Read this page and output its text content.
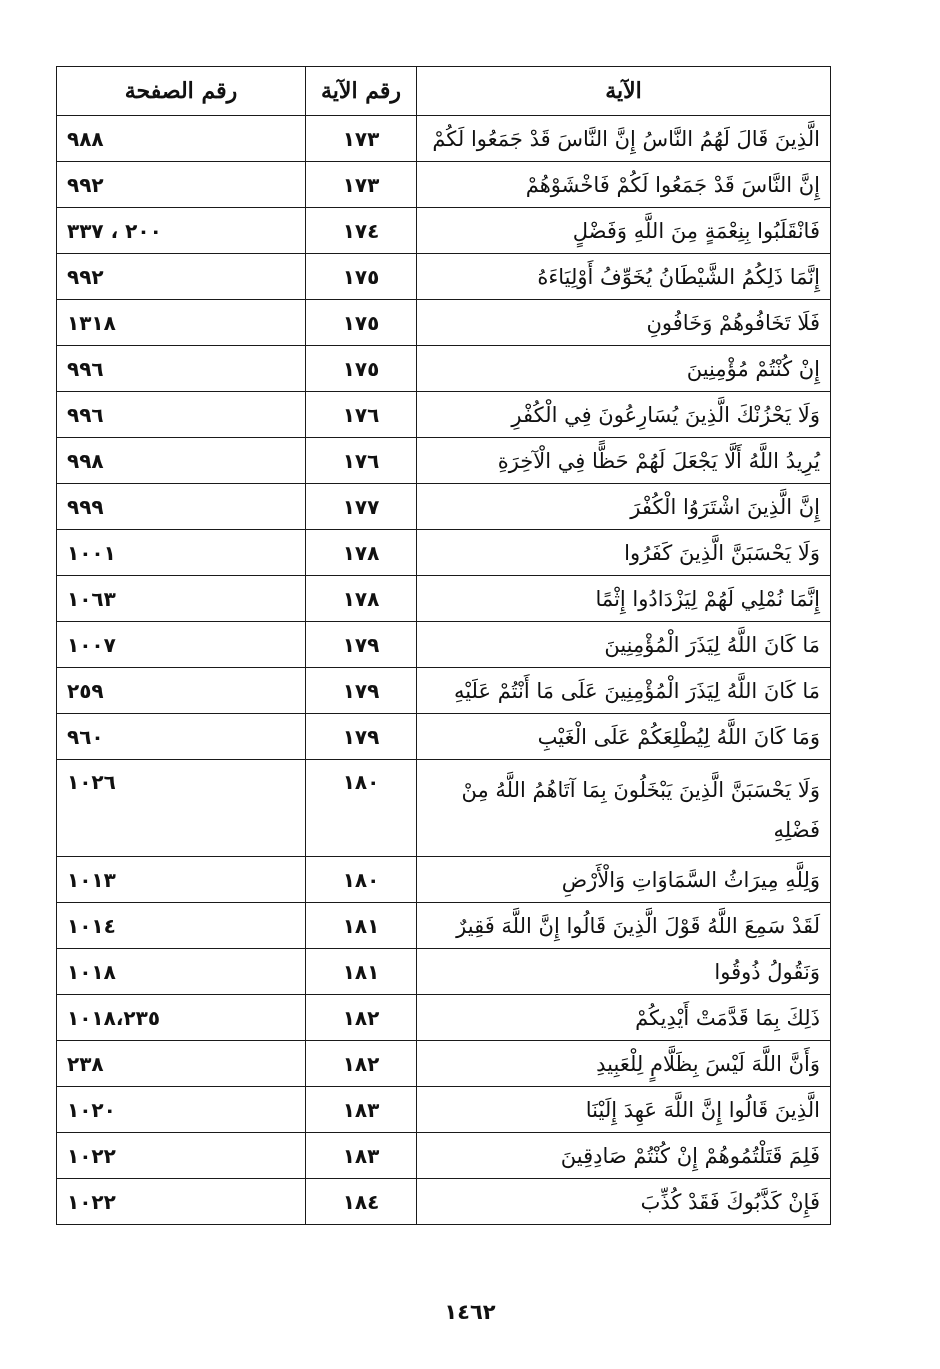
الآية	رقم الآية	رقم الصفحة
الَّذِينَ قَالَ لَهُمُ النَّاسُ إِنَّ النَّاسَ قَدْ جَمَعُوا لَكُمْ	١٧٣	٩٨٨
إِنَّ النَّاسَ قَدْ جَمَعُوا لَكُمْ فَاخْشَوْهُمْ	١٧٣	٩٩٢
فَانْقَلَبُوا بِنِعْمَةٍ مِنَ اللَّهِ وَفَضْلٍ	١٧٤	٢٠٠ ، ٣٣٧
إِنَّمَا ذَلِكُمُ الشَّيْطَانُ يُخَوِّفُ أَوْلِيَاءَهُ	١٧٥	٩٩٢
فَلَا تَخَافُوهُمْ وَخَافُونِ	١٧٥	١٣١٨
إِنْ كُنْتُمْ مُؤْمِنِينَ	١٧٥	٩٩٦
وَلَا يَحْزُنْكَ الَّذِينَ يُسَارِعُونَ فِي الْكُفْرِ	١٧٦	٩٩٦
يُرِيدُ اللَّهُ أَلَّا يَجْعَلَ لَهُمْ حَظًّا فِي الْآخِرَةِ	١٧٦	٩٩٨
إِنَّ الَّذِينَ اشْتَرَوُا الْكُفْرَ	١٧٧	٩٩٩
وَلَا يَحْسَبَنَّ الَّذِينَ كَفَرُوا	١٧٨	١٠٠١
إِنَّمَا نُمْلِي لَهُمْ لِيَزْدَادُوا إِثْمًا	١٧٨	١٠٦٣
مَا كَانَ اللَّهُ لِيَذَرَ الْمُؤْمِنِينَ	١٧٩	١٠٠٧
مَا كَانَ اللَّهُ لِيَذَرَ الْمُؤْمِنِينَ عَلَى مَا أَنْتُمْ عَلَيْهِ	١٧٩	٢٥٩
وَمَا كَانَ اللَّهُ لِيُطْلِعَكُمْ عَلَى الْغَيْبِ	١٧٩	٩٦٠
وَلَا يَحْسَبَنَّ الَّذِينَ يَبْخَلُونَ بِمَا آتَاهُمُ اللَّهُ مِنْ فَضْلِهِ	١٨٠	١٠٢٦
وَلِلَّهِ مِيرَاثُ السَّمَاوَاتِ وَالْأَرْضِ	١٨٠	١٠١٣
لَقَدْ سَمِعَ اللَّهُ قَوْلَ الَّذِينَ قَالُوا إِنَّ اللَّهَ فَقِيرٌ	١٨١	١٠١٤
وَنَقُولُ ذُوقُوا	١٨١	١٠١٨
ذَلِكَ بِمَا قَدَّمَتْ أَيْدِيكُمْ	١٨٢	١٠١٨،٢٣٥
وَأَنَّ اللَّهَ لَيْسَ بِظَلَّامٍ لِلْعَبِيدِ	١٨٢	٢٣٨
الَّذِينَ قَالُوا إِنَّ اللَّهَ عَهِدَ إِلَيْنَا	١٨٣	١٠٢٠
فَلِمَ قَتَلْتُمُوهُمْ إِنْ كُنْتُمْ صَادِقِينَ	١٨٣	١٠٢٢
فَإِنْ كَذَّبُوكَ فَقَدْ كُذِّبَ	١٨٤	١٠٢٢
١٤٦٢
